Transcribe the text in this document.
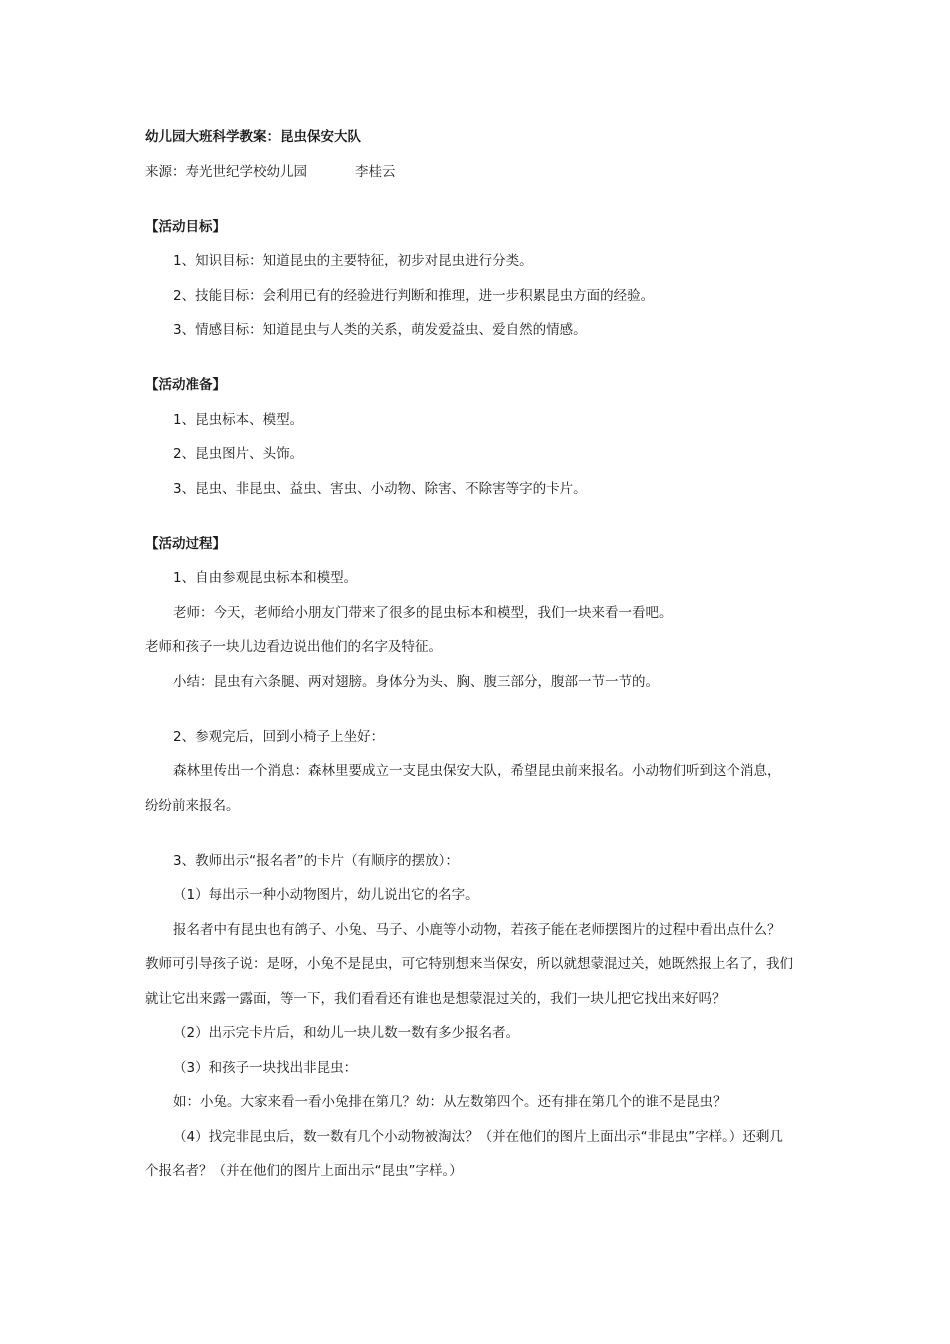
幼儿园大班科学教案：昆虫保安大队
来源：寿光世纪学校幼儿园	李桂云
【活动目标】
1、知识目标：知道昆虫的主要特征，初步对昆虫进行分类。
2、技能目标：会利用已有的经验进行判断和推理，进一步积累昆虫方面的经验。
3、情感目标：知道昆虫与人类的关系，萌发爱益虫、爱自然的情感。
【活动准备】
1、昆虫标本、模型。
2、昆虫图片、头饰。
3、昆虫、非昆虫、益虫、害虫、小动物、除害、不除害等字的卡片。
【活动过程】
1、自由参观昆虫标本和模型。
老师：今天，老师给小朋友门带来了很多的昆虫标本和模型，我们一块来看一看吧。
老师和孩子一块儿边看边说出他们的名字及特征。
小结：昆虫有六条腿、两对翅膀。身体分为头、胸、腹三部分，腹部一节一节的。
2、参观完后，回到小椅子上坐好：
森林里传出一个消息：森林里要成立一支昆虫保安大队，希望昆虫前来报名。小动物们听到这个消息，
纷纷前来报名。
3、教师出示“报名者”的卡片（有顺序的摆放）：
（1）每出示一种小动物图片，幼儿说出它的名字。
报名者中有昆虫也有鸽子、小兔、马子、小鹿等小动物，若孩子能在老师摆图片的过程中看出点什么？
教师可引导孩子说：是呀，小兔不是昆虫，可它特别想来当保安，所以就想蒙混过关，她既然报上名了，我们
就让它出来露一露面，等一下，我们看看还有谁也是想蒙混过关的，我们一块儿把它找出来好吗？
（2）出示完卡片后，和幼儿一块儿数一数有多少报名者。
（3）和孩子一块找出非昆虫：
如：小兔。大家来看一看小兔排在第几？幼：从左数第四个。还有排在第几个的谁不是昆虫？
（4）找完非昆虫后，数一数有几个小动物被淘汰？（并在他们的图片上面出示“非昆虫”字样。）还剩几
个报名者？（并在他们的图片上面出示“昆虫”字样。）
